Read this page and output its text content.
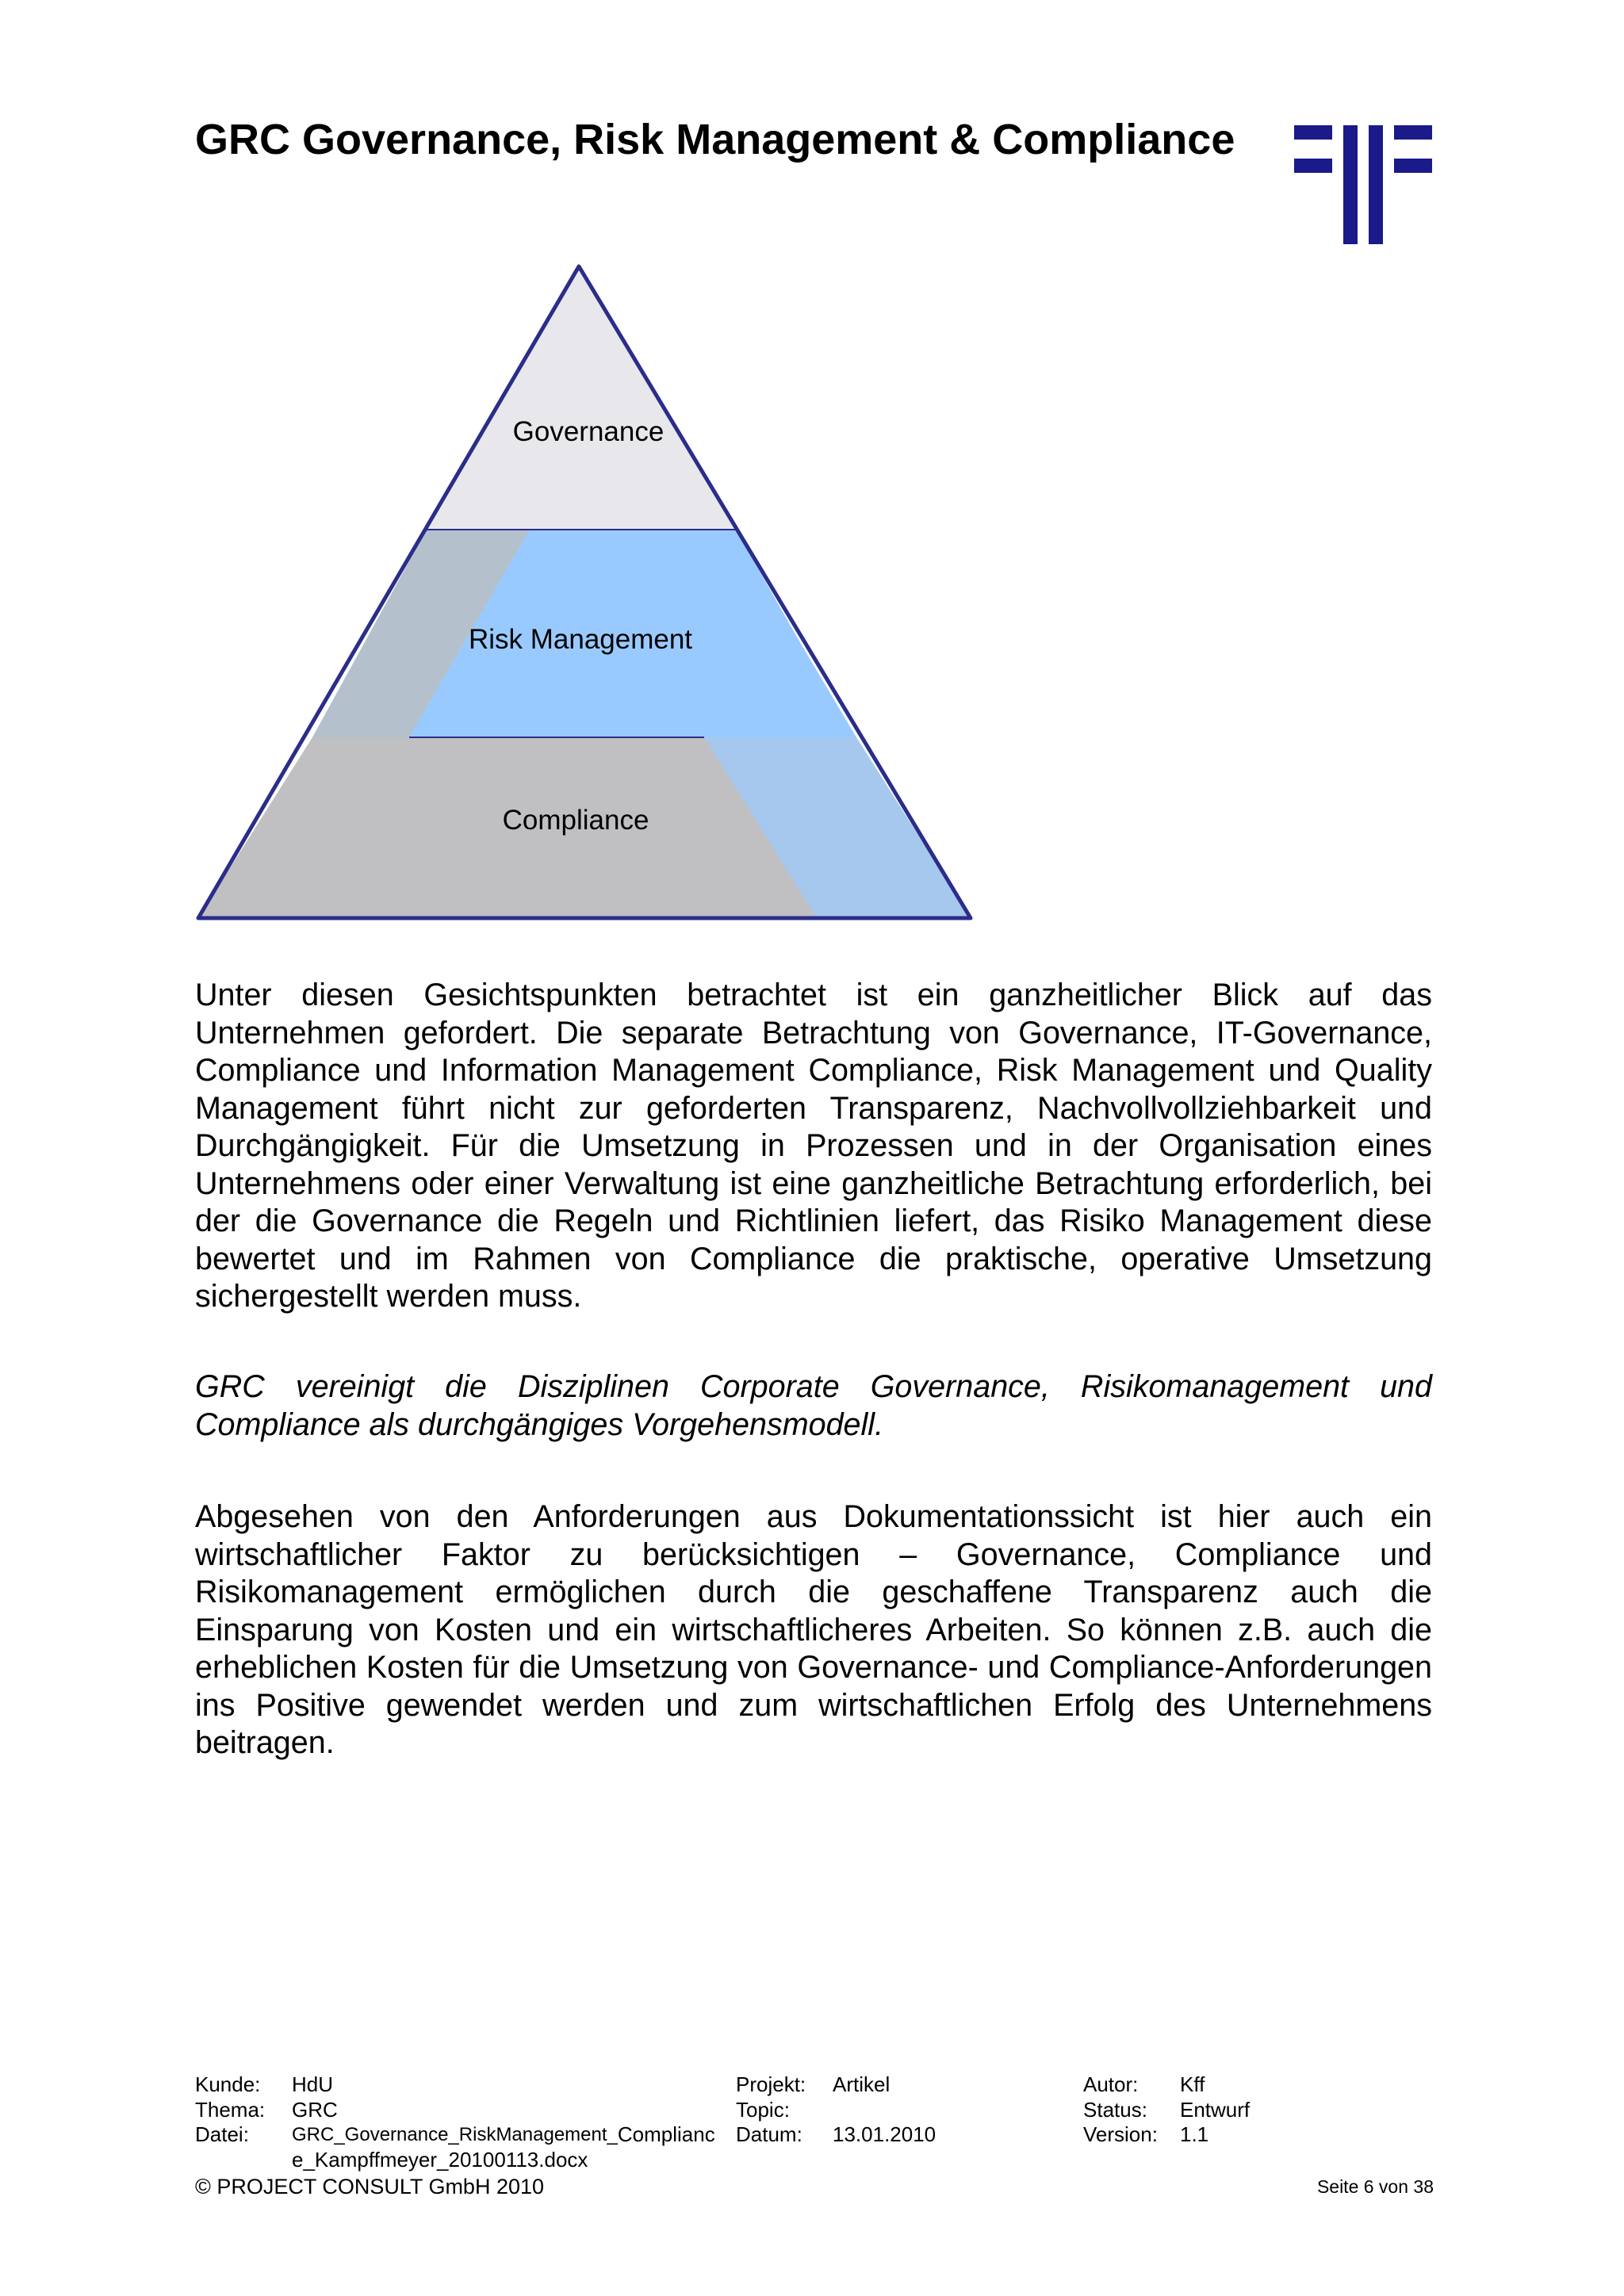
GRC Governance, Risk Management & Compliance
Governance
Risk Management
Compliance

Unter diesen Gesichtspunkten betrachtet ist ein ganzheitlicher Blick auf das Unternehmen gefordert. Die separate Betrachtung von Governance, IT-Governance, Compliance und Information Management Compliance, Risk Management und Quality Management führt nicht zur geforderten Transparenz, Nachvollvollziehbarkeit und Durchgängigkeit. Für die Umsetzung in Prozessen und in der Organisation eines Unternehmens oder einer Verwaltung ist eine ganzheitliche Betrachtung erforderlich, bei der die Governance die Regeln und Richtlinien liefert, das Risiko Management diese bewertet und im Rahmen von Compliance die praktische, operative Umsetzung sichergestellt werden muss.

GRC vereinigt die Disziplinen Corporate Governance, Risikomanagement und Compliance als durchgängiges Vorgehensmodell.

Abgesehen von den Anforderungen aus Dokumentationssicht ist hier auch ein wirtschaftlicher Faktor zu berücksichtigen – Governance, Compliance und Risikomanagement ermöglichen durch die geschaffene Transparenz auch die Einsparung von Kosten und ein wirtschaftlicheres Arbeiten. So können z.B. auch die erheblichen Kosten für die Umsetzung von Governance- und Compliance-Anforderungen ins Positive gewendet werden und zum wirtschaftlichen Erfolg des Unternehmens beitragen.

Kunde:	HdU
Thema:	GRC
Datei:	GRC_Governance_RiskManagement_ Complianc
e_Kampffmeyer_20100113.docx
Projekt:	Artikel
Topic:
Datum:	13.01.2010
Autor:	Kff
Status:	Entwurf
Version:	1.1
© PROJECT CONSULT GmbH 2010	Seite 6 von 38
